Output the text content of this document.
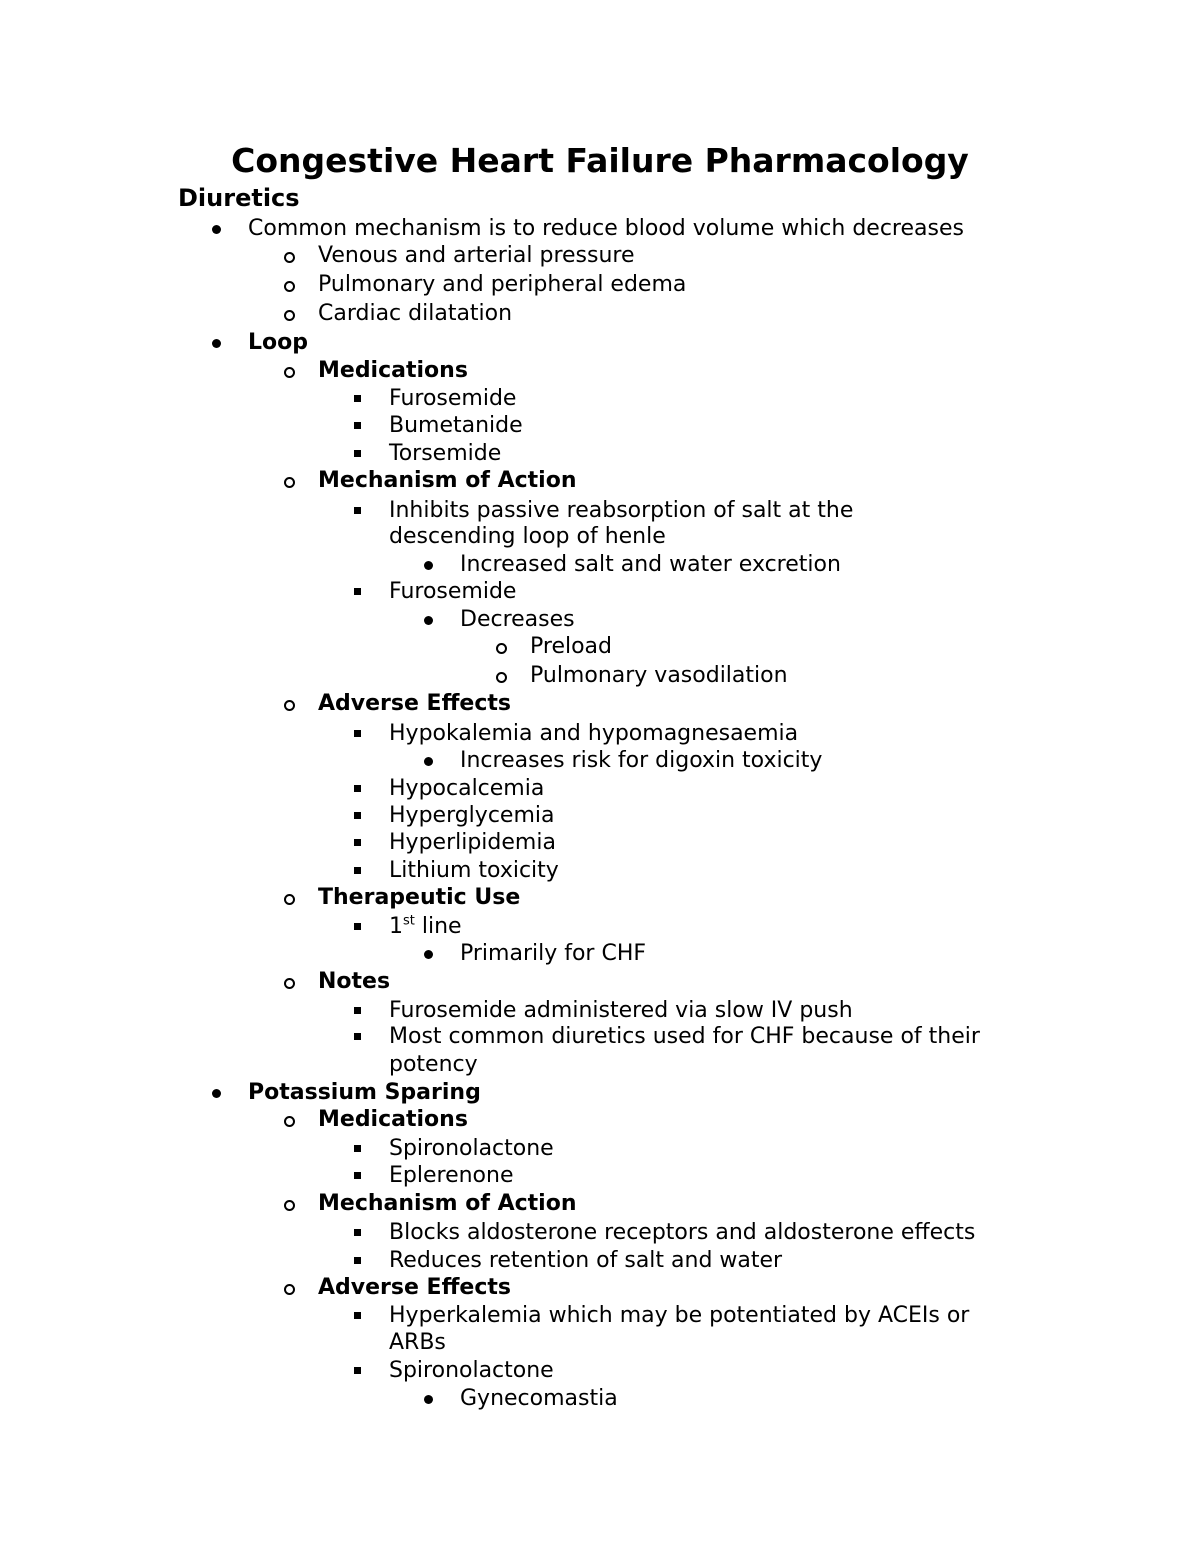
Congestive Heart Failure Pharmacology
Diuretics
Common mechanism is to reduce blood volume which decreases
Venous and arterial pressure
Pulmonary and peripheral edema
Cardiac dilatation
Loop
Medications
Furosemide
Bumetanide
Torsemide
Mechanism of Action
Inhibits passive reabsorption of salt at the
descending loop of henle
Increased salt and water excretion
Furosemide
Decreases
Preload
Pulmonary vasodilation
Adverse Effects
Hypokalemia and hypomagnesaemia
Increases risk for digoxin toxicity
Hypocalcemia
Hyperglycemia
Hyperlipidemia
Lithium toxicity
Therapeutic Use
1st line
Primarily for CHF
Notes
Furosemide administered via slow IV push
Most common diuretics used for CHF because of their
potency
Potassium Sparing
Medications
Spironolactone
Eplerenone
Mechanism of Action
Blocks aldosterone receptors and aldosterone effects
Reduces retention of salt and water
Adverse Effects
Hyperkalemia which may be potentiated by ACEIs or
ARBs
Spironolactone
Gynecomastia
